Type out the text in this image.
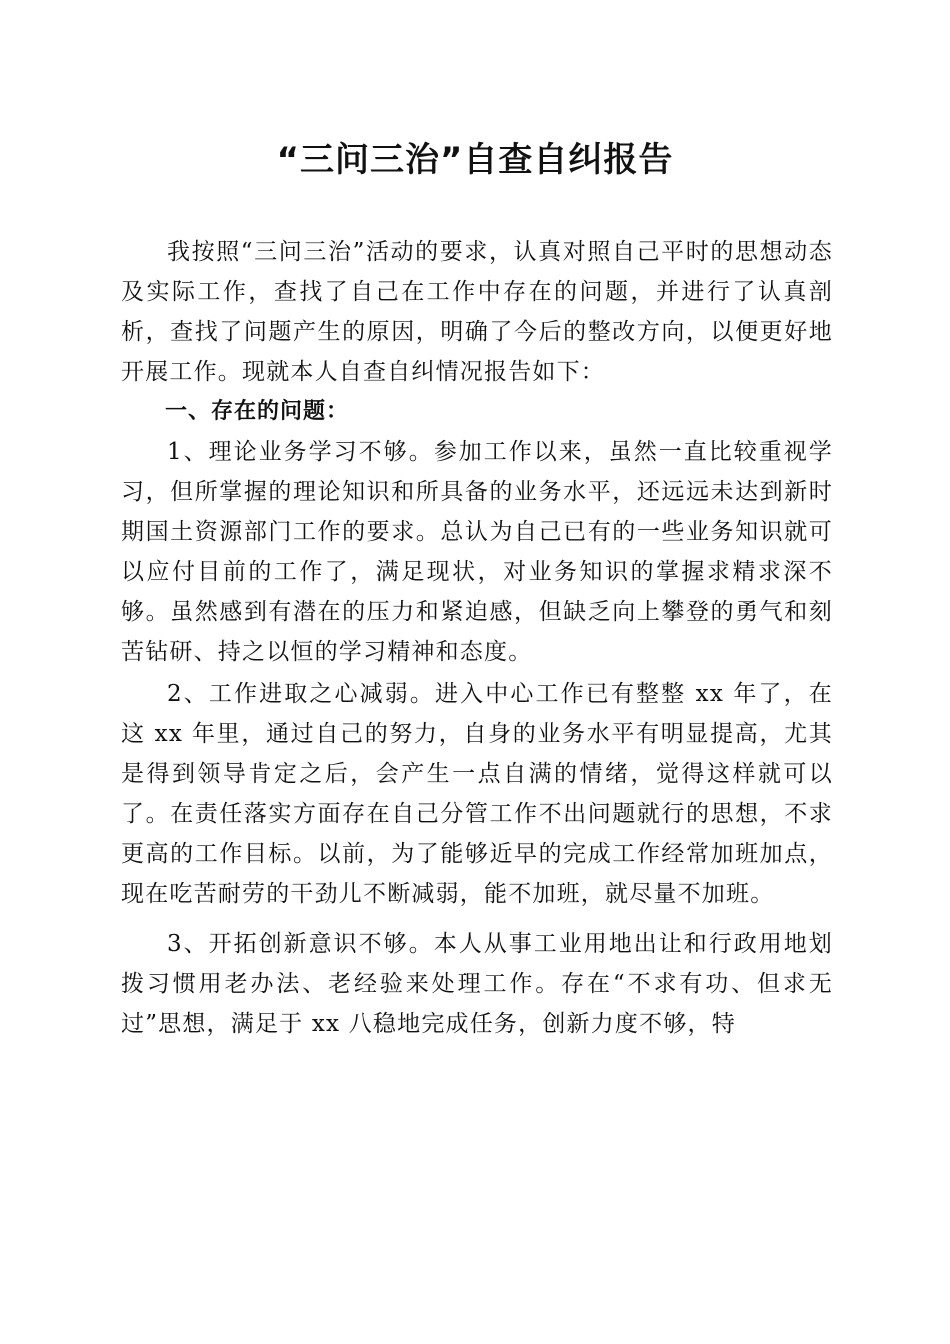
“三问三治”自查自纠报告

我按照“三问三治”活动的要求，认真对照自己平时的思想动态及实际工作，查找了自己在工作中存在的问题，并进行了认真剖析，查找了问题产生的原因，明确了今后的整改方向，以便更好地开展工作。现就本人自查自纠情况报告如下：

一、存在的问题：

1、理论业务学习不够。参加工作以来，虽然一直比较重视学习，但所掌握的理论知识和所具备的业务水平，还远远未达到新时期国土资源部门工作的要求。总认为自己已有的一些业务知识就可以应付目前的工作了，满足现状，对业务知识的掌握求精求深不够。虽然感到有潜在的压力和紧迫感，但缺乏向上攀登的勇气和刻苦钻研、持之以恒的学习精神和态度。

2、工作进取之心减弱。进入中心工作已有整整 xx 年了，在这 xx 年里，通过自己的努力，自身的业务水平有明显提高，尤其是得到领导肯定之后，会产生一点自满的情绪，觉得这样就可以了。在责任落实方面存在自己分管工作不出问题就行的思想，不求更高的工作目标。以前，为了能够近早的完成工作经常加班加点，现在吃苦耐劳的干劲儿不断减弱，能不加班，就尽量不加班。

3、开拓创新意识不够。本人从事工业用地出让和行政用地划拨习惯用老办法、老经验来处理工作。存在“不求有功、但求无过”思想，满足于 xx 八稳地完成任务，创新力度不够，特
